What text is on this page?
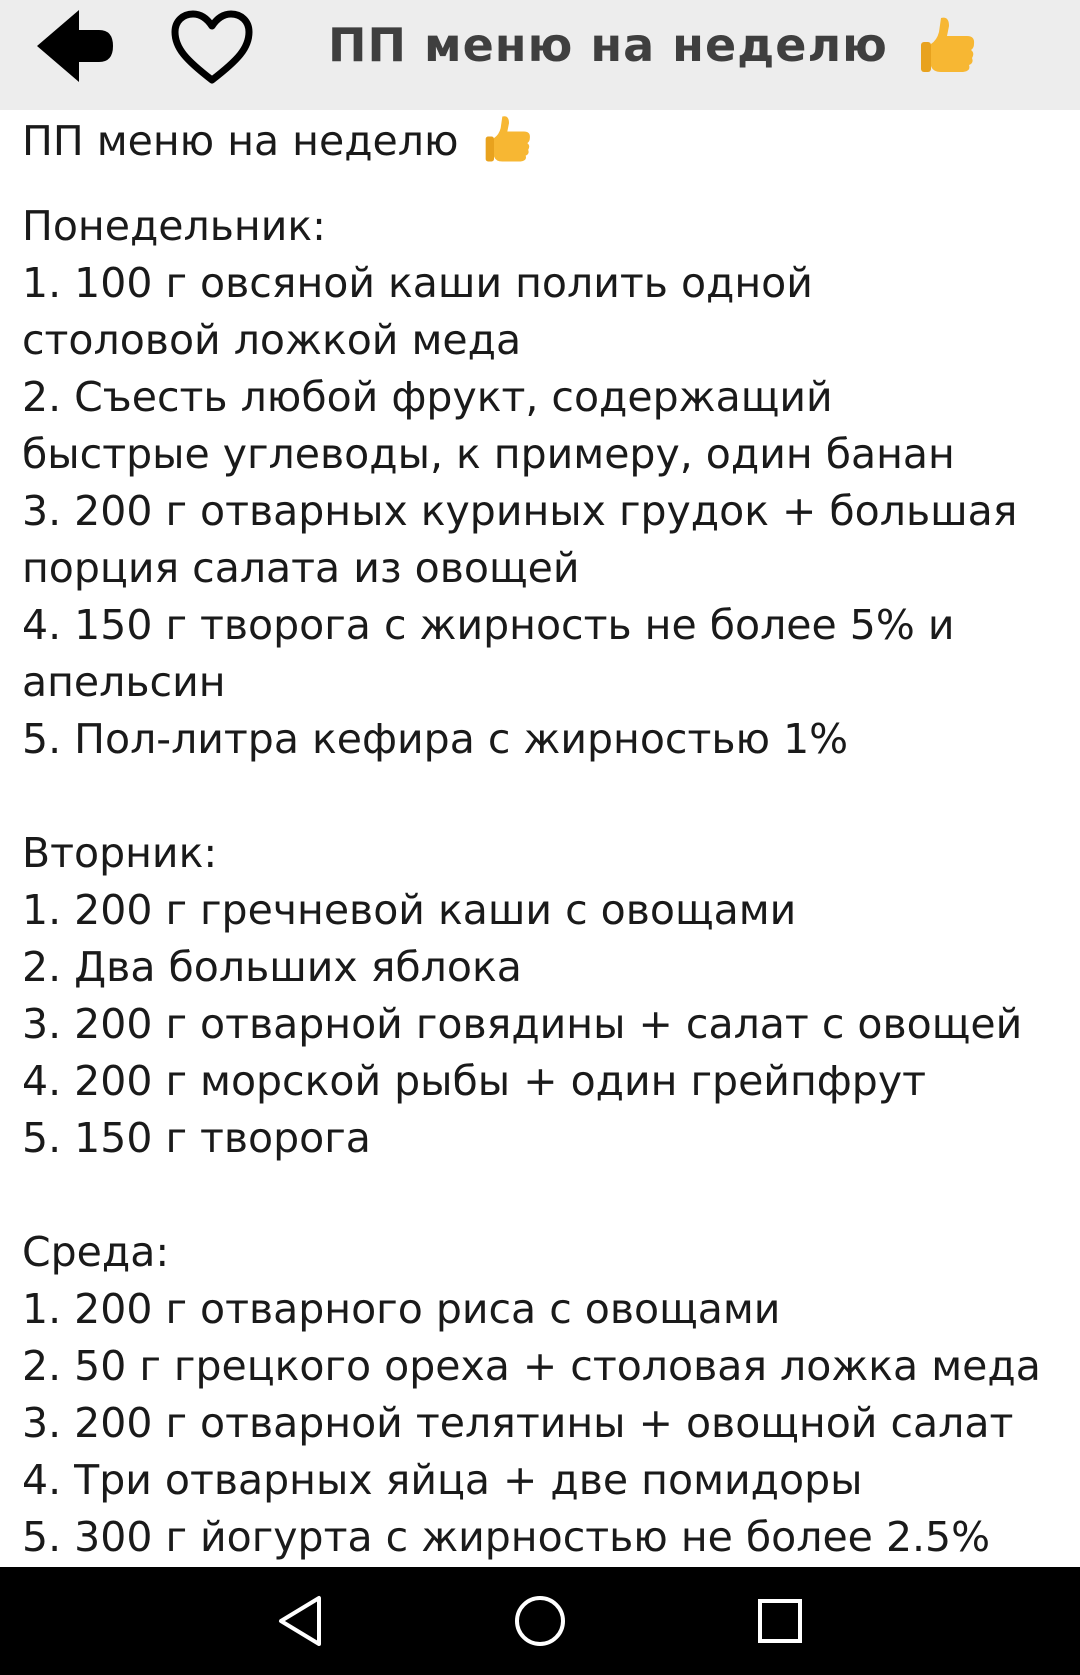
ПП меню на неделю
ПП меню на неделю
Понедельник:
1. 100 г овсяной каши полить одной
столовой ложкой меда
2. Съесть любой фрукт, содержащий
быстрые углеводы, к примеру, один банан
3. 200 г отварных куриных грудок + большая
порция салата из овощей
4. 150 г творога с жирность не более 5% и
апельсин
5. Пол-литра кефира с жирностью 1%
Вторник:
1. 200 г гречневой каши с овощами
2. Два больших яблока
3. 200 г отварной говядины + салат с овощей
4. 200 г морской рыбы + один грейпфрут
5. 150 г творога
Среда:
1. 200 г отварного риса с овощами
2. 50 г грецкого ореха + столовая ложка меда
3. 200 г отварной телятины + овощной салат
4. Три отварных яйца + две помидоры
5. 300 г йогурта с жирностью не более 2.5%
